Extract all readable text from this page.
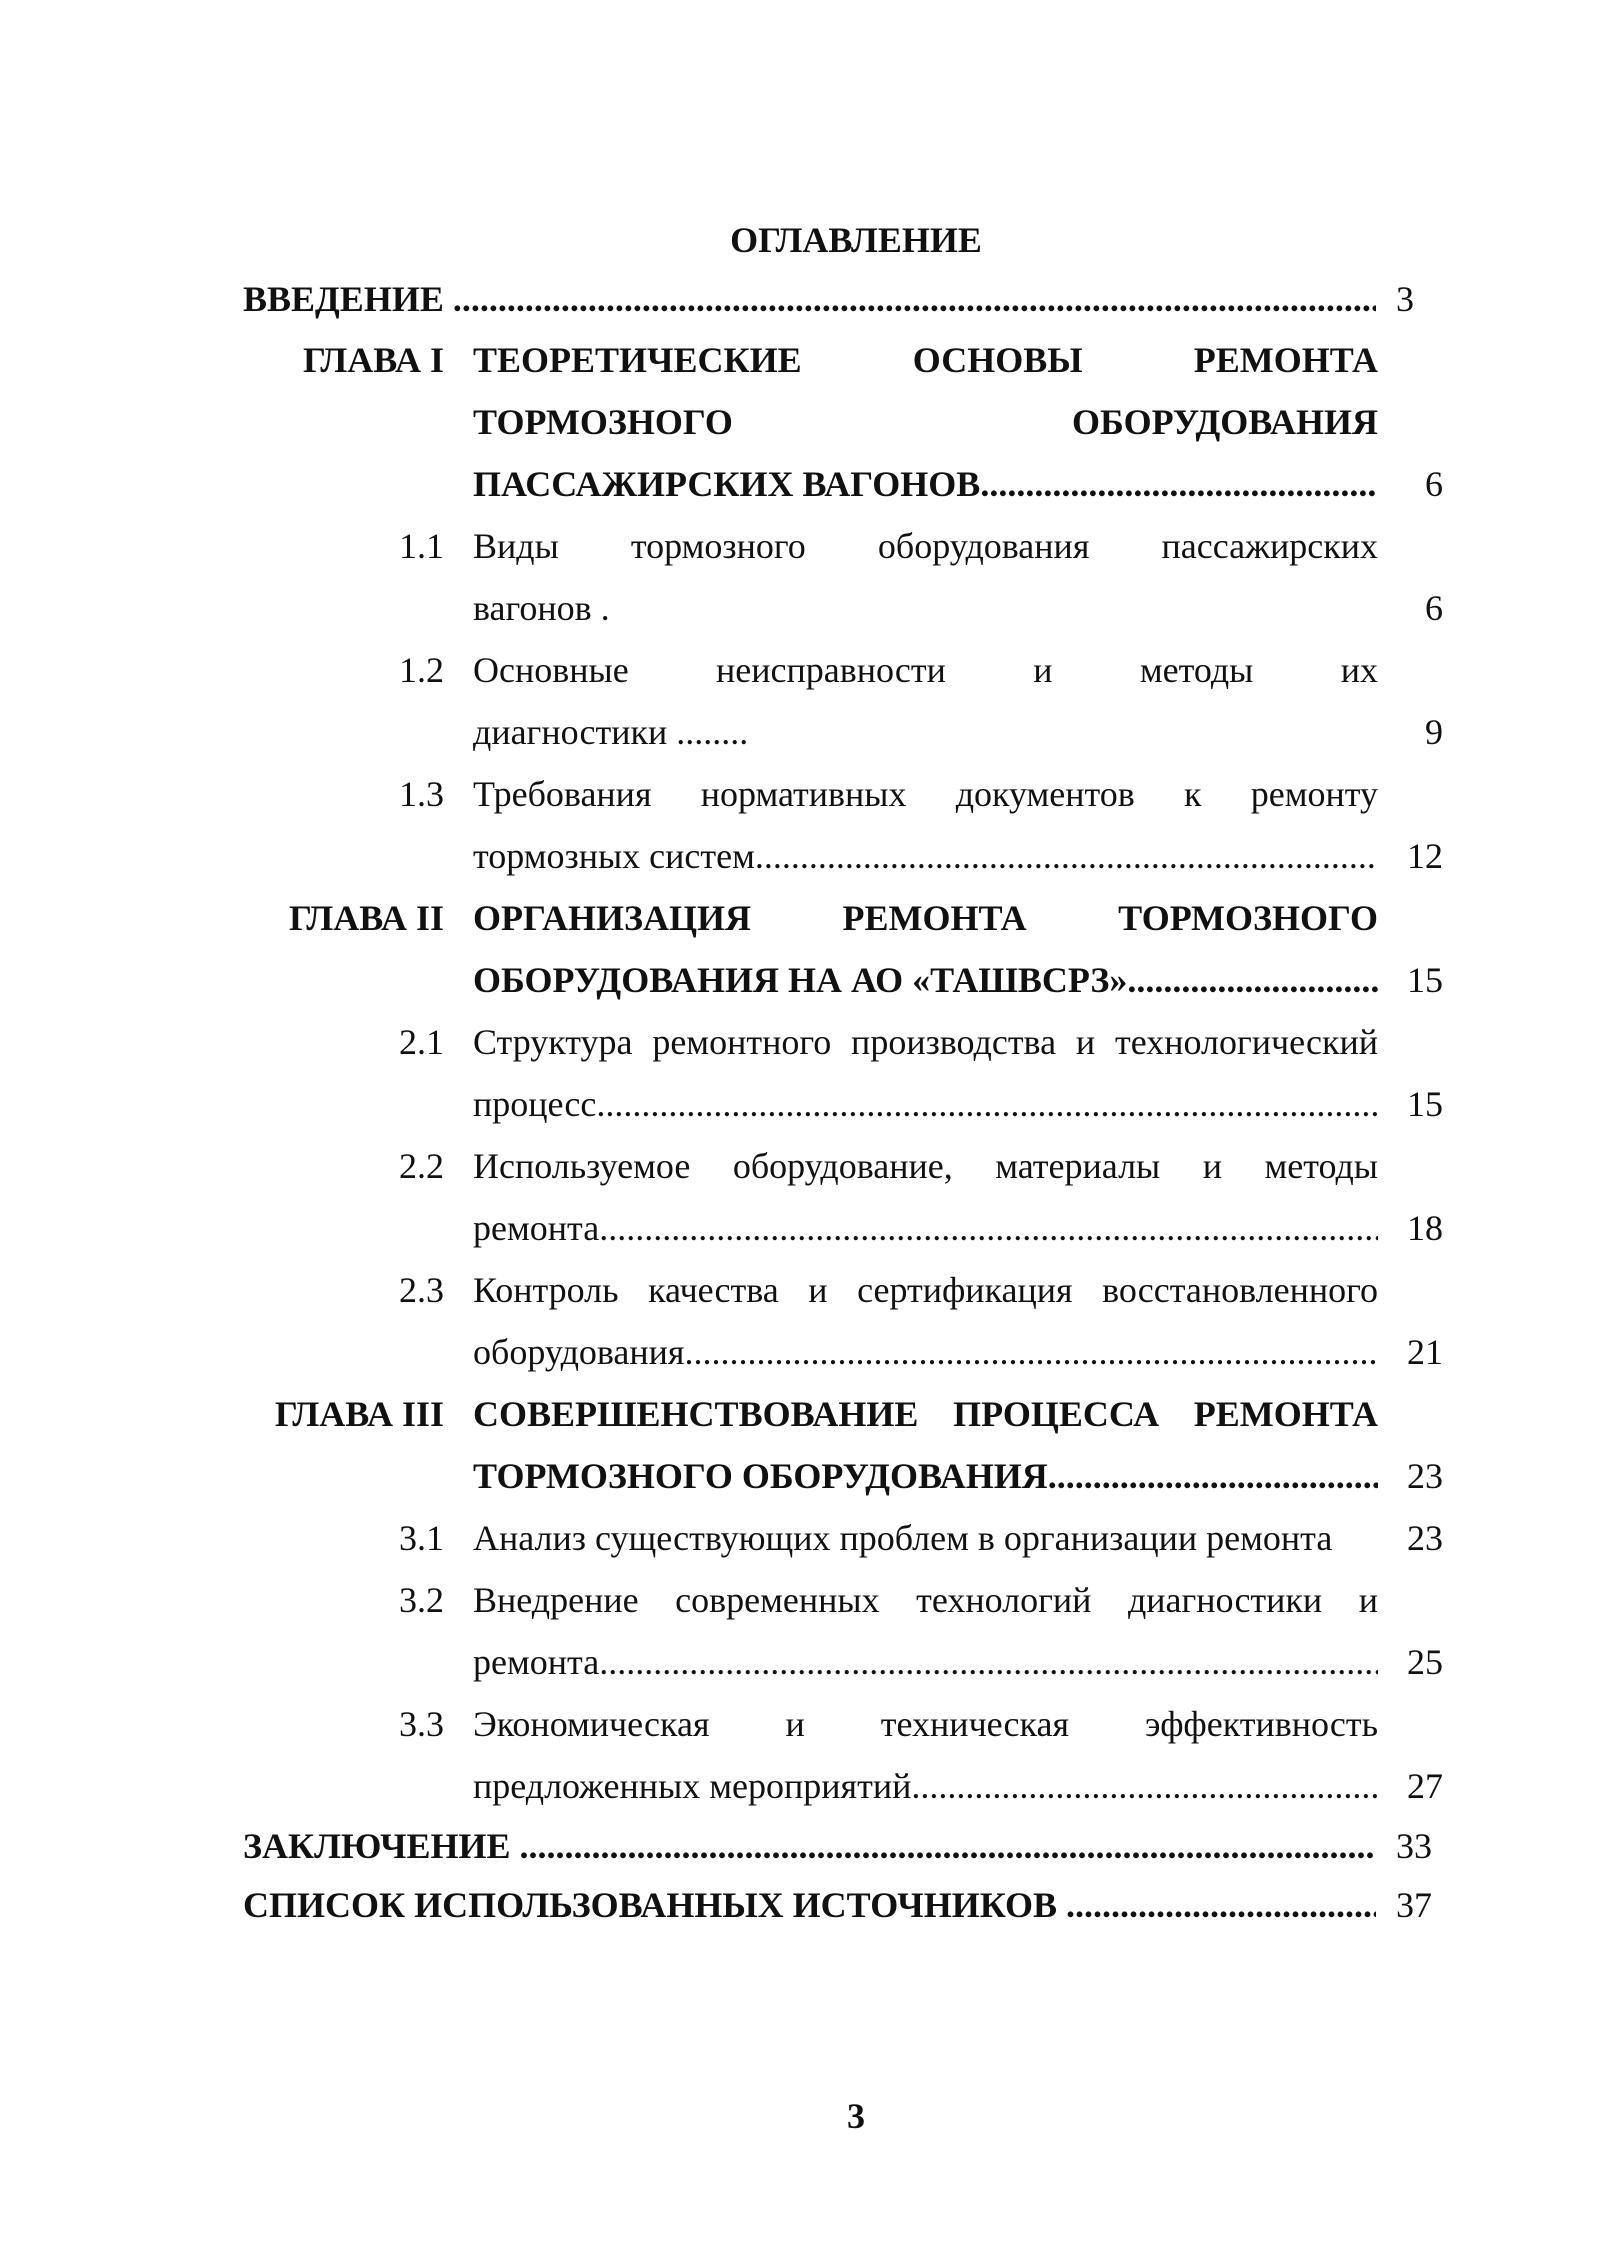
ОГЛАВЛЕНИЕ
ВВЕДЕНИЕ .....	3
ГЛАВА I ТЕОРЕТИЧЕСКИЕ ОСНОВЫ РЕМОНТА
ТОРМОЗНОГО ОБОРУДОВАНИЯ
ПАССАЖИРСКИХ ВАГОНОВ .....	6
1.1 Виды тормозного оборудования пассажирских
вагонов .	6
1.2 Основные неисправности и методы их
диагностики ........	9
1.3 Требования нормативных документов к ремонту
тормозных систем .....	12
ГЛАВА II ОРГАНИЗАЦИЯ РЕМОНТА ТОРМОЗНОГО
ОБОРУДОВАНИЯ НА АО «ТАШВСРЗ» .....	15
2.1 Структура ремонтного производства и технологический
процесс .....	15
2.2 Используемое оборудование, материалы и методы
ремонта .....	18
2.3 Контроль качества и сертификация восстановленного
оборудования .....	21
ГЛАВА III СОВЕРШЕНСТВОВАНИЕ ПРОЦЕССА РЕМОНТА
ТОРМОЗНОГО ОБОРУДОВАНИЯ .....	23
3.1 Анализ существующих проблем в организации ремонта 23
3.2 Внедрение современных технологий диагностики и
ремонта .....	25
3.3 Экономическая и техническая эффективность
предложенных мероприятий .....	27
ЗАКЛЮЧЕНИЕ .....	33
СПИСОК ИСПОЛЬЗОВАННЫХ ИСТОЧНИКОВ .....	37
3
